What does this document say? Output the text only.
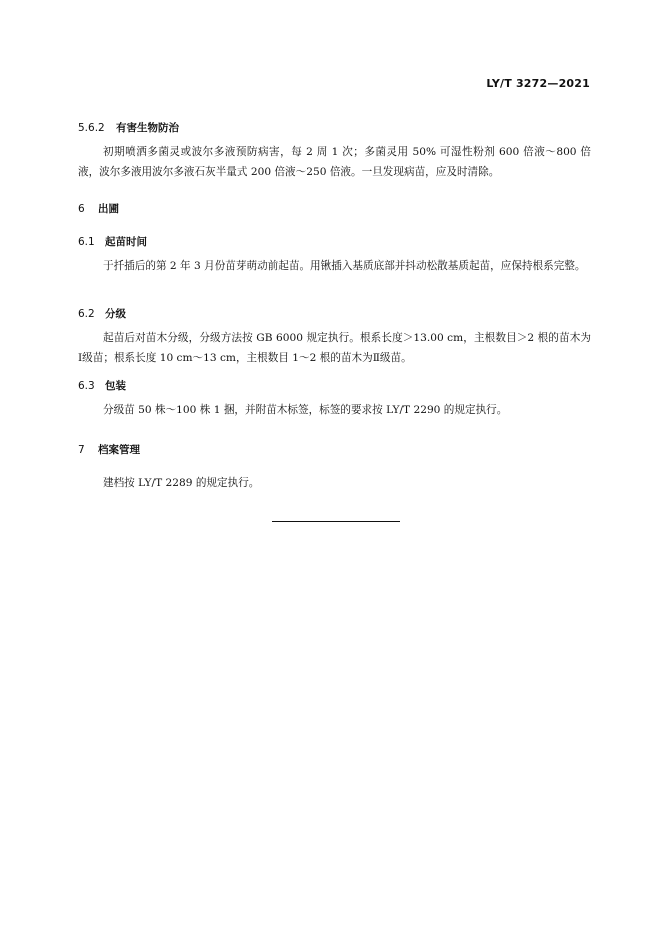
LY/T 3272—2021
5.6.2 有害生物防治
初期喷洒多菌灵或波尔多液预防病害，每 2 周 1 次；多菌灵用 50% 可湿性粉剂 600 倍液～800 倍液，波尔多液用波尔多液石灰半量式 200 倍液～250 倍液。一旦发现病苗，应及时清除。
6 出圃
6.1 起苗时间
于扦插后的第 2 年 3 月份苗芽萌动前起苗。用锹插入基质底部并抖动松散基质起苗，应保持根系完整。
6.2 分级
起苗后对苗木分级，分级方法按 GB 6000 规定执行。根系长度＞13.00 cm，主根数目＞2 根的苗木为Ⅰ级苗；根系长度 10 cm～13 cm，主根数目 1～2 根的苗木为Ⅱ级苗。
6.3 包装
分级苗 50 株～100 株 1 捆，并附苗木标签，标签的要求按 LY/T 2290 的规定执行。
7 档案管理
建档按 LY/T 2289 的规定执行。
